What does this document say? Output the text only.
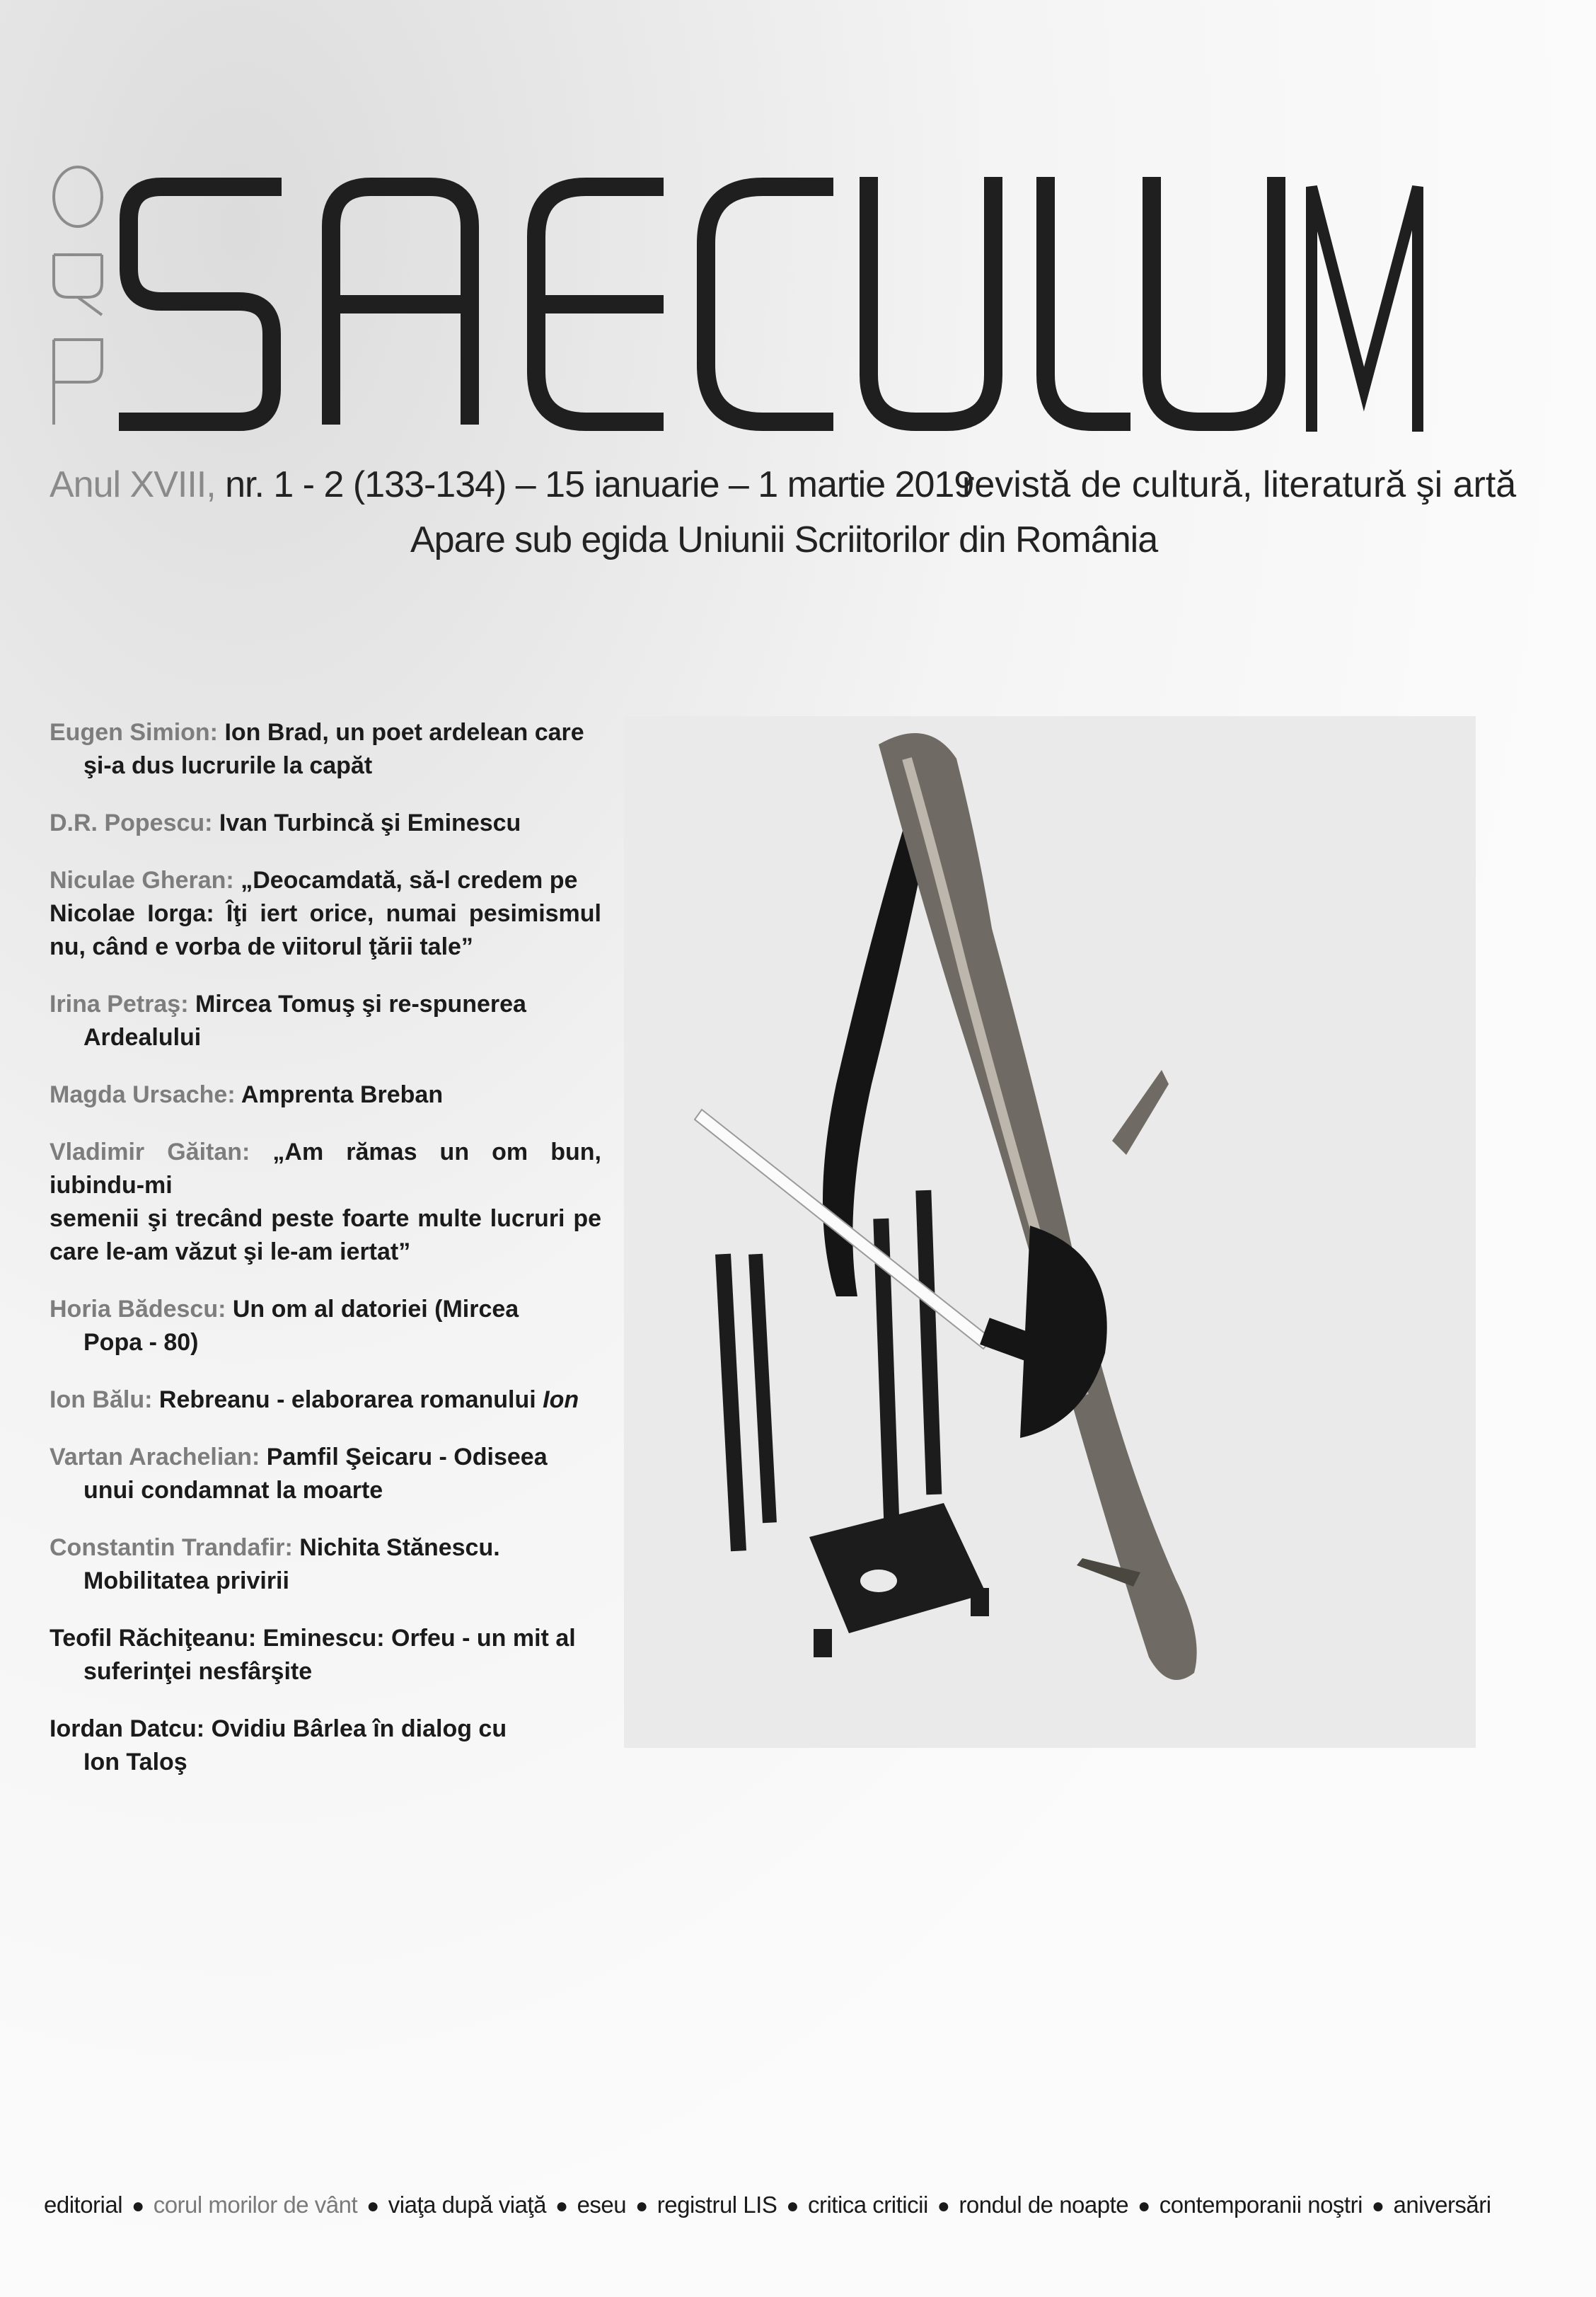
Anul XVIII, nr. 1 - 2 (133-134) – 15 ianuarie – 1 martie 2019
revistă de cultură, literatură şi artă
Apare sub egida Uniunii Scriitorilor din România
Eugen Simion: Ion Brad, un poet ardelean care
şi-a dus lucrurile la capăt
D.R. Popescu: Ivan Turbincă şi Eminescu
Niculae Gheran: „Deocamdată, să-l credem pe
Nicolae Iorga: Îţi iert orice, numai pesimismul nu, când e vorba de viitorul ţării tale”
Irina Petraş: Mircea Tomuş şi re-spunerea
Ardealului
Magda Ursache: Amprenta Breban
Vladimir Găitan: „Am rămas un om bun, iubindu-mi
semenii şi trecând peste foarte multe lucruri pe care le-am văzut şi le-am iertat”
Horia Bădescu: Un om al datoriei (Mircea
Popa - 80)
Ion Bălu: Rebreanu - elaborarea romanului Ion
Vartan Arachelian: Pamfil Şeicaru - Odiseea
unui condamnat la moarte
Constantin Trandafir: Nichita Stănescu.
Mobilitatea privirii
Teofil Răchiţeanu: Eminescu: Orfeu - un mit al
suferinţei nesfârşite
Iordan Datcu: Ovidiu Bârlea în dialog cu
Ion Taloş
editorial ● corul morilor de vânt ● viaţa după viaţă ● eseu ● registrul LIS ● critica criticii ● rondul de noapte ● contemporanii noştri ● aniversări
